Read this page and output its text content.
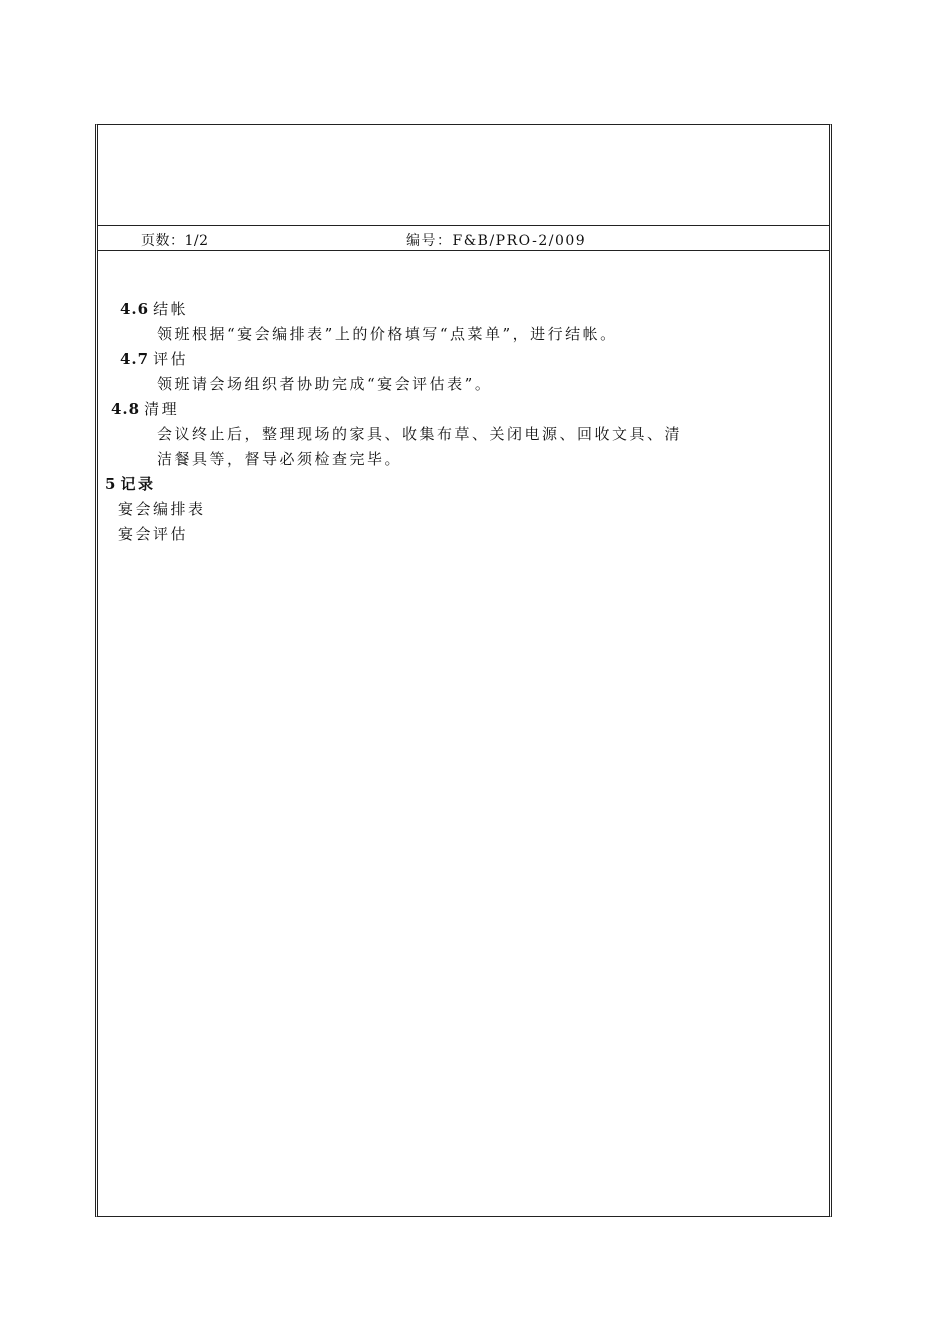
页数：1/2	编号：F&B/PRO-2/009
4.6 结帐
领班根据“宴会编排表”上的价格填写“点菜单”，进行结帐。
4.7 评估
领班请会场组织者协助完成“宴会评估表”。
4.8 清理
会议终止后，整理现场的家具、收集布草、关闭电源、回收文具、清
洁餐具等，督导必须检查完毕。
5 记录
宴会编排表
宴会评估
